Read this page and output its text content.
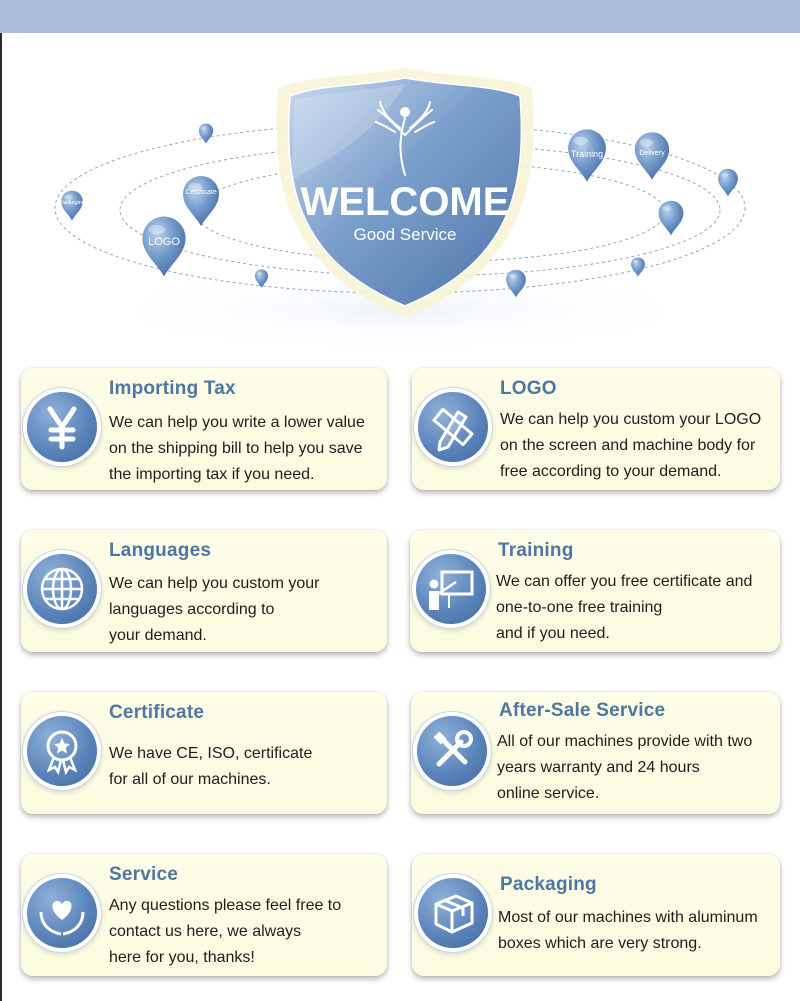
Packaging
Certificate
LOGO
Training	Delivery
WELCOME
Good Service
Importing Tax
We can help you write a lower value
on the shipping bill to help you save
the importing tax if you need.
LOGO
We can help you custom your LOGO
on the screen and machine body for
free according to your demand.
Languages
We can help you custom your
languages according to
your demand.
Training
We can offer you free certificate and
one-to-one free training
and if you need.
Certificate
We have CE, ISO, certificate
for all of our machines.
After-Sale Service
All of our machines provide with two
years warranty and 24 hours
online service.
Service
Any questions please feel free to
contact us here, we always
here for you, thanks!
Packaging
Most of our machines with aluminum
boxes which are very strong.
